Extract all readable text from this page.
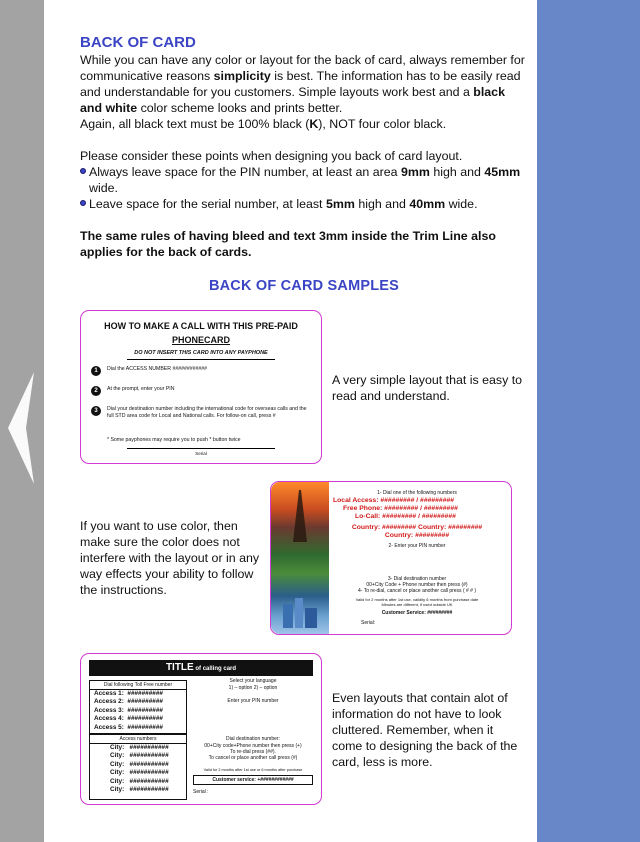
BACK OF CARD
While you can have any color or layout for the back of card, always remember for communicative reasons simplicity is best. The information has to be easily read and understandable for you customers. Simple layouts work best and a black and white color scheme looks and prints better.
Again, all black text must be 100% black (K), NOT four color black.
Please consider these points when designing you back of card layout.
Always leave space for the PIN number, at least an area 9mm high and 45mm wide.
Leave space for the serial number, at least 5mm high and 40mm wide.
The same rules of having bleed and text 3mm inside the Trim Line also applies for the back of cards.
BACK OF CARD SAMPLES
HOW TO MAKE A CALL WITH THIS PRE-PAID
PHONECARD
DO NOT INSERT THIS CARD INTO ANY PAYPHONE
1	Dial the ACCESS NUMBER ############
2	At the prompt, enter your PIN
3	Dial your destination number including the international code for overseas calls and the full STD area code for Local and National calls. For follow-on call, press #
* Some payphones may require you to push * button twice
Serial
A very simple layout that is easy to read and understand.
1- Dial one of the following numbers
Local Access: ######### / #########
Free Phone: ######### / #########
Lo-Call: ######### / #########
Country: ######### Country: #########
Country: #########
2- Enter your PIN number
3- Dial destination number
00+City Code + Phone number then press (#)
4- To re-dial, cancel or place another call press ( # # )
Valid for 2 months after 1st use, validity 6 months from purchase date
Minutes are different, if used outside UK
Customer Service: #########
Serial:
If you want to use color, then make sure the color does not interfere with the layout or in any way effects your ability to follow the instructions.
TITLE of calling card
Dial following Toll Free number
Access 1:  ##########
Access 2:  ##########
Access 3:  ##########
Access 4:  ##########
Access 5:  ##########
Access numbers
City:   ###########
City:   ###########
City:   ###########
City:   ###########
City:   ###########
City:   ###########
Select your language
1) – option 2) – option
Enter your PIN number
Dial destination number:
00+City code+Phone number then press (+)
To re-dial press (##).
To cancel or place another call press (#)
Valid for 2 months after 1st use or 6 months after purchase
Customer service: +############
Serial :
Even layouts that contain alot of information do not have to look cluttered. Remember, when it come to designing the back of the card, less is more.
